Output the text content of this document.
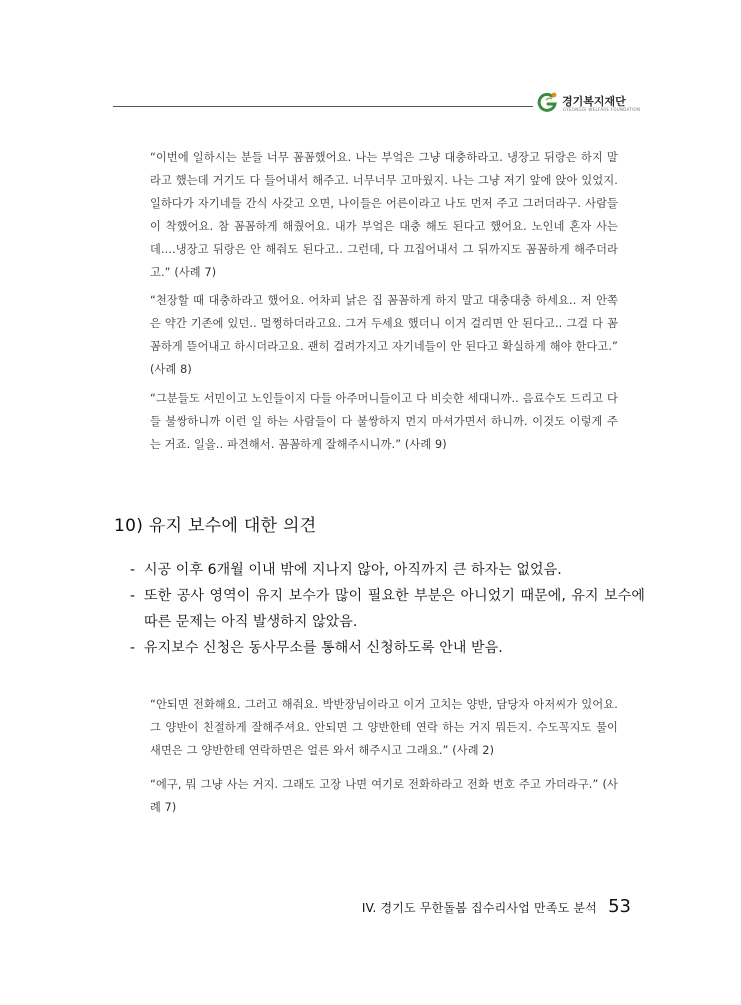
경기복지재단
GYEONGGI WELFARE FOUNDATION
“이번에 일하시는 분들 너무 꼼꼼했어요. 나는 부엌은 그냥 대충하라고. 냉장고 뒤랑은 하지 말라고 했는데 거기도 다 들어내서 해주고. 너무너무 고마웠지. 나는 그냥 저기 앞에 앉아 있었지. 일하다가 자기네들 간식 사갖고 오면, 나이들은 어른이라고 나도 먼저 주고 그러더라구. 사람들이 착했어요. 참 꼼꼼하게 해줬어요. 내가 부엌은 대충 해도 된다고 했어요. 노인네 혼자 사는데....냉장고 뒤랑은 안 해줘도 된다고.. 그런데, 다 끄집어내서 그 뒤까지도 꼼꼼하게 해주더라고.” (사례 7)
“천장할 때 대충하라고 했어요. 어차피 낡은 집 꼼꼼하게 하지 말고 대충대충 하세요.. 저 안쪽은 약간 기존에 있던.. 멀쩡하더라고요. 그거 두세요 했더니 이거 걸리면 안 된다고.. 그걸 다 꼼꼼하게 뜯어내고 하시더라고요. 괜히 걸려가지고 자기네들이 안 된다고 확실하게 해야 한다고.” (사례 8)
“그분들도 서민이고 노인들이지 다들 아주머니들이고 다 비슷한 세대니까.. 음료수도 드리고 다들 불쌍하니까 이런 일 하는 사람들이 다 불쌍하지 먼지 마셔가면서 하니까. 이것도 이렇게 주는 거죠. 일을.. 파견해서. 꼼꼼하게 잘해주시니까.” (사례 9)
10) 유지 보수에 대한 의견
- 시공 이후 6개월 이내 밖에 지나지 않아, 아직까지 큰 하자는 없었음.
- 또한 공사 영역이 유지 보수가 많이 필요한 부분은 아니었기 때문에, 유지 보수에 따른 문제는 아직 발생하지 않았음.
- 유지보수 신청은 동사무소를 통해서 신청하도록 안내 받음.
“안되면 전화해요. 그러고 해줘요. 박반장님이라고 이거 고치는 양반, 담당자 아저씨가 있어요. 그 양반이 친절하게 잘해주셔요. 안되면 그 양반한테 연락 하는 거지 뭐든지. 수도꼭지도 물이 새면은 그 양반한테 연락하면은 얼른 와서 해주시고 그래요.” (사례 2)
“에구, 뭐 그냥 사는 거지. 그래도 고장 나면 여기로 전화하라고 전화 번호 주고 가더라구.” (사례 7)
IV. 경기도 무한돌봄 집수리사업 만족도 분석 53
